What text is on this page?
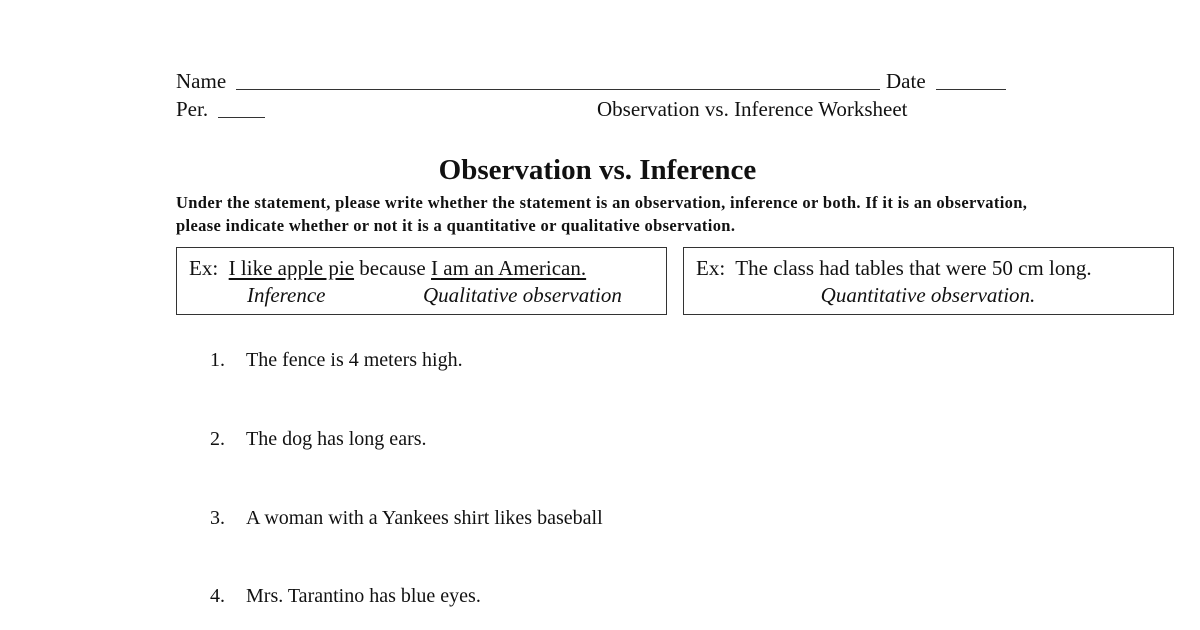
Name	Date
Per.	Observation vs. Inference Worksheet
Observation vs. Inference
Under the statement, please write whether the statement is an observation, inference or both. If it is an observation, please indicate whether or not it is a quantitative or qualitative observation.
Ex: I like apple pie because I am an American.
Inference	Qualitative observation
Ex: The class had tables that were 50 cm long.
Quantitative observation.
1. The fence is 4 meters high.
2. The dog has long ears.
3. A woman with a Yankees shirt likes baseball
4. Mrs. Tarantino has blue eyes.
